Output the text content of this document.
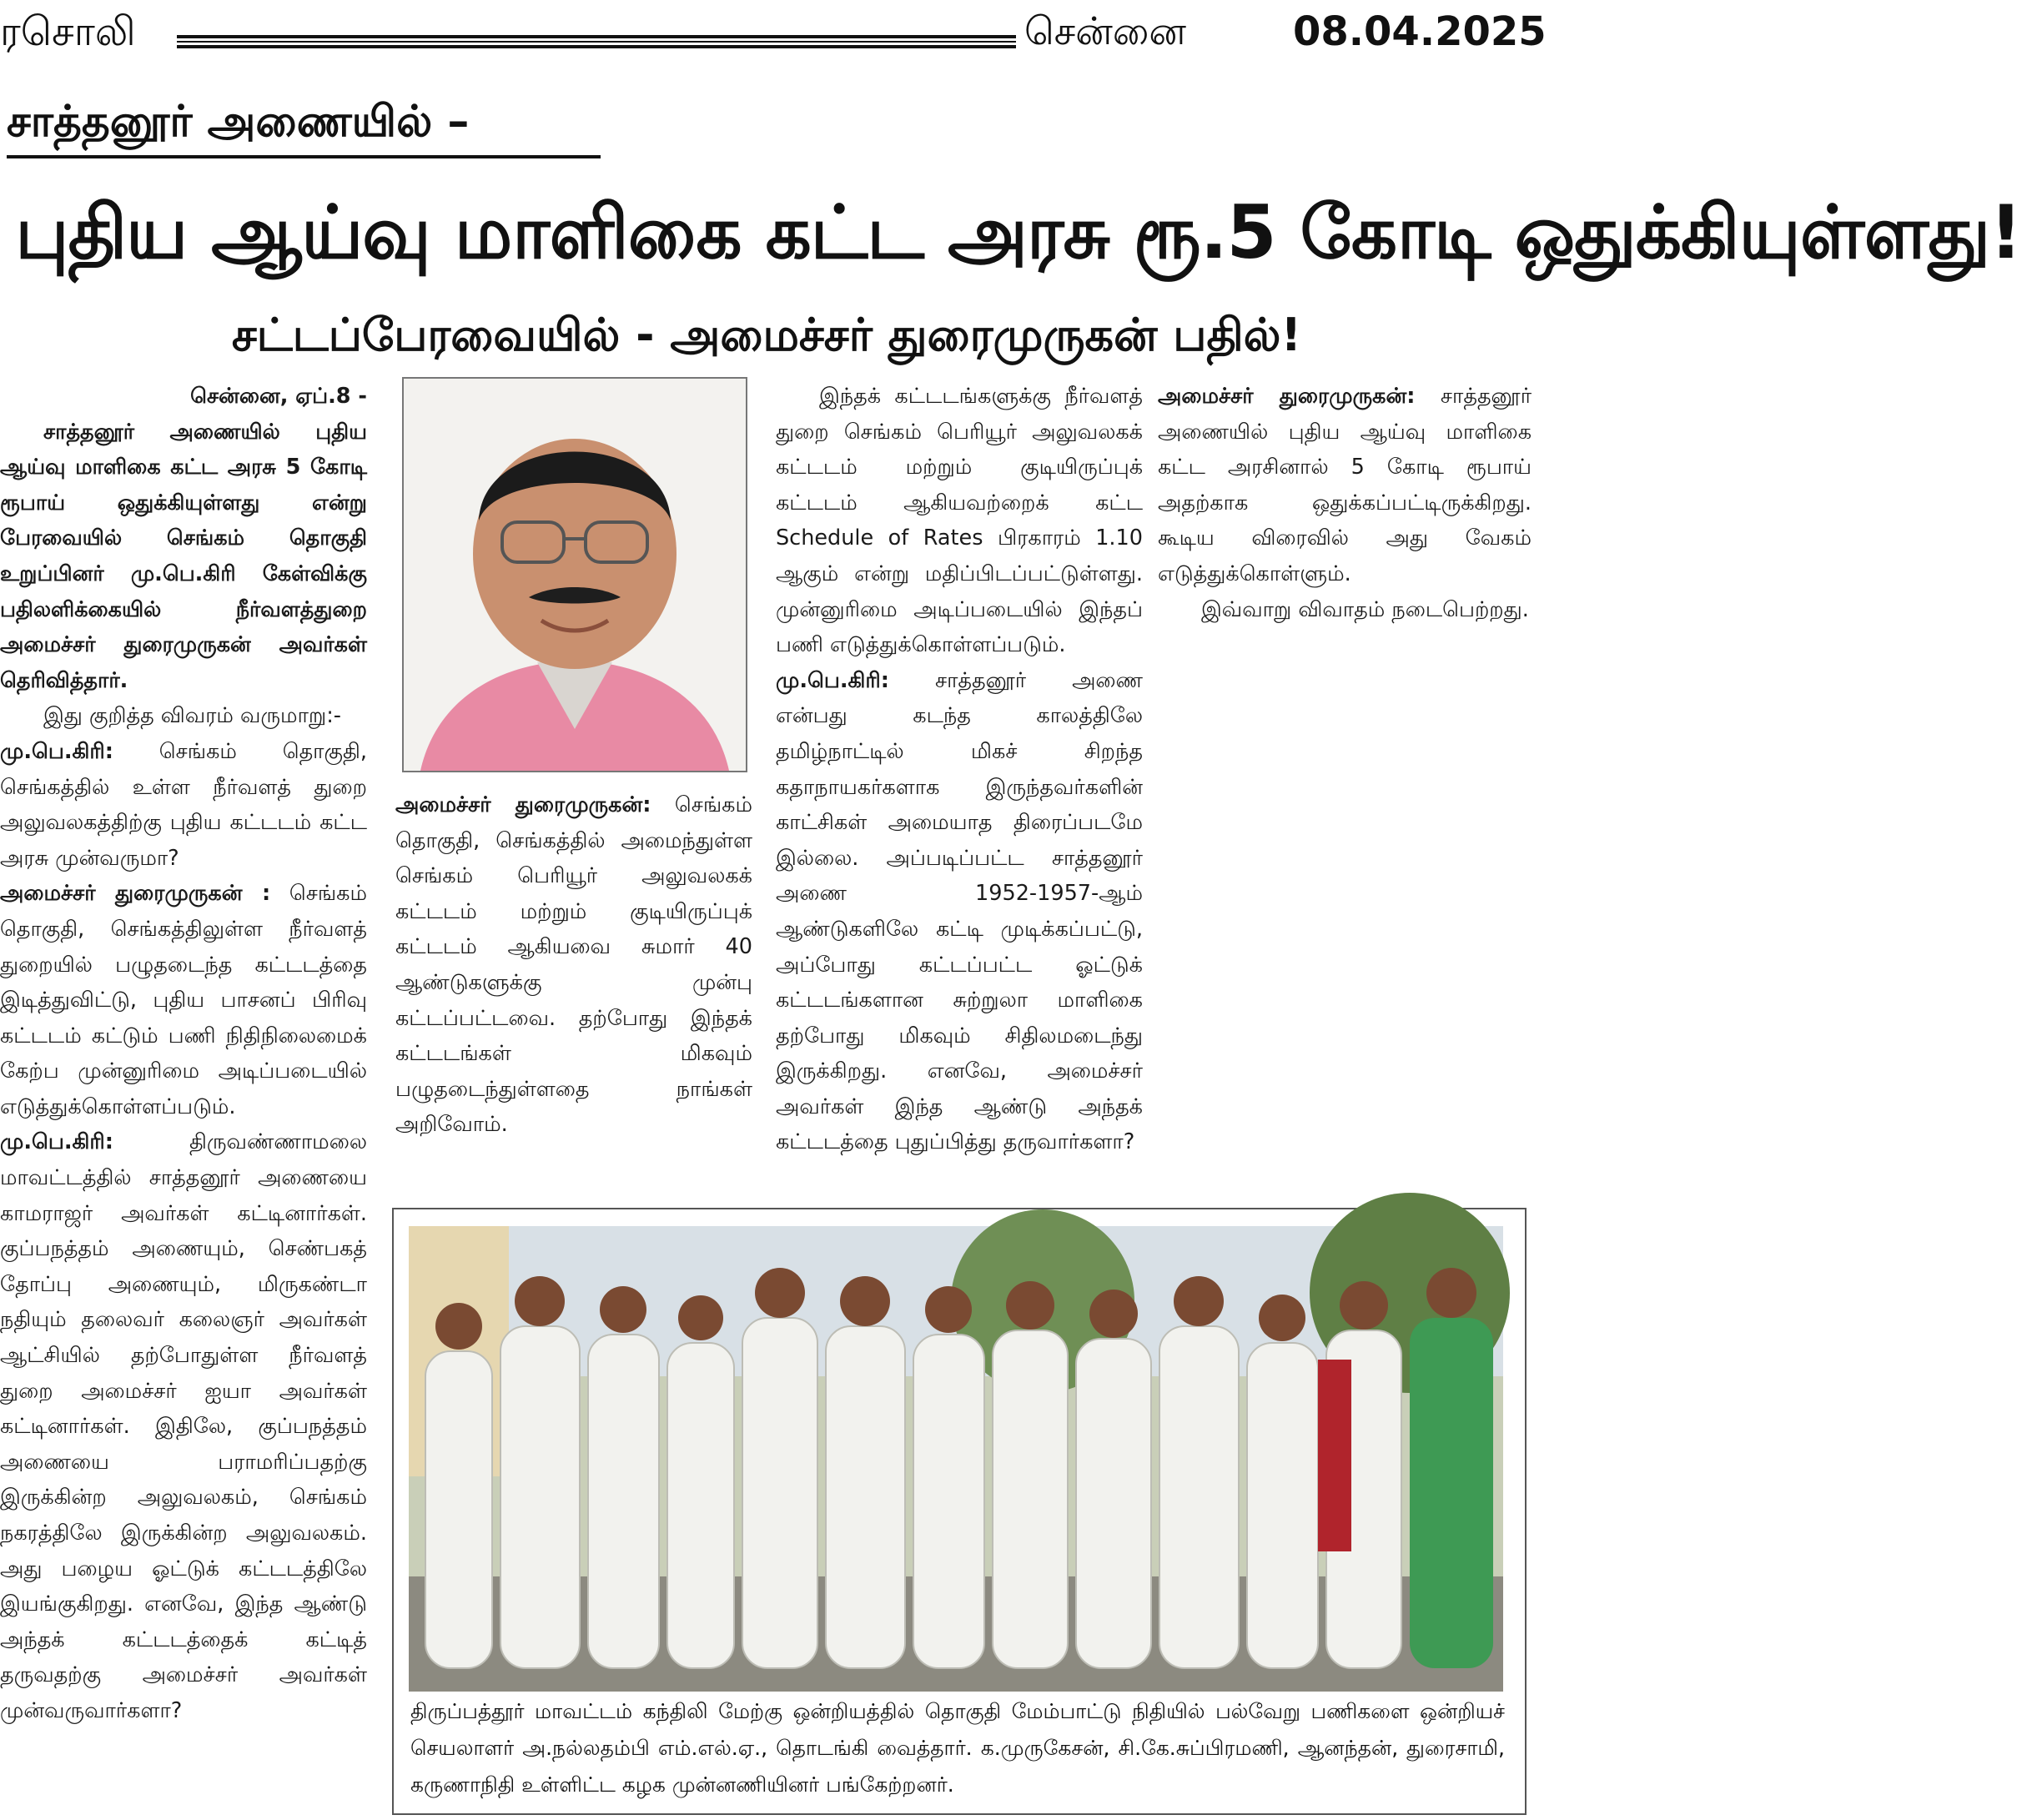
ரசொலி	சென்னை	08.04.2025
சாத்தனூர் அணையில் –
புதிய ஆய்வு மாளிகை கட்ட அரசு ரூ.5 கோடி ஒதுக்கியுள்ளது!
சட்டப்பேரவையில் - அமைச்சர் துரைமுருகன் பதில்!

சென்னை, ஏப்.8 -

சாத்தனூர் அணையில் புதிய ஆய்வு மாளிகை கட்ட அரசு 5 கோடி ரூபாய் ஒதுக்கியுள்ளது என்று பேரவையில் செங்கம் தொகுதி உறுப்பினர் மு.பெ.கிரி கேள்விக்கு பதிலளிக்கையில் நீர்வளத்துறை அமைச்சர் துரைமுருகன் அவர்கள் தெரிவித்தார்.

இது குறித்த விவரம் வருமாறு:-

மு.பெ.கிரி: செங்கம் தொகுதி, செங்கத்தில் உள்ள நீர்வளத் துறை அலுவலகத்திற்கு புதிய கட்டடம் கட்ட அரசு முன்வருமா?

அமைச்சர் துரைமுருகன் : செங்கம் தொகுதி, செங்கத்திலுள்ள நீர்வளத் துறையில் பழுதடைந்த கட்டடத்தை இடித்துவிட்டு, புதிய பாசனப் பிரிவு கட்டடம் கட்டும் பணி நிதிநிலைமைக் கேற்ப முன்னுரிமை அடிப்படையில் எடுத்துக்கொள்ளப்படும்.

மு.பெ.கிரி:	திருவண்ணாமலை மாவட்டத்தில் சாத்தனூர் அணையை காமராஜர் அவர்கள் கட்டினார்கள். குப்பநத்தம் அணையும், செண்பகத் தோப்பு அணையும், மிருகண்டா நதியும் தலைவர் கலைஞர் அவர்கள் ஆட்சியில் தற்போதுள்ள நீர்வளத் துறை அமைச்சர் ஐயா அவர்கள் கட்டினார்கள். இதிலே, குப்பநத்தம் அணையை பராமரிப்பதற்கு இருக்கின்ற அலுவலகம், செங்கம் நகரத்திலே இருக்கின்ற அலுவலகம். அது பழைய ஓட்டுக் கட்டடத்திலே இயங்குகிறது. எனவே, இந்த ஆண்டு அந்தக் கட்டடத்தைக் கட்டித் தருவதற்கு அமைச்சர் அவர்கள் முன்வருவார்களா?

அமைச்சர் துரைமுருகன்: செங்கம் தொகுதி, செங்கத்தில் அமைந்துள்ள செங்கம் பெரியூர் அலுவலகக் கட்டடம் மற்றும் குடியிருப்புக் கட்டடம் ஆகியவை சுமார் 40 ஆண்டுகளுக்கு முன்பு கட்டப்பட்டவை. தற்போது இந்தக் கட்டடங்கள் மிகவும் பழுதடைந்துள்ளதை நாங்கள் அறிவோம்.

இந்தக் கட்டடங்களுக்கு நீர்வளத் துறை செங்கம் பெரியூர் அலுவலகக் கட்டடம் மற்றும் குடியிருப்புக் கட்டடம் ஆகியவற்றைக் கட்ட Schedule of Rates பிரகாரம் 1.10 ஆகும் என்று மதிப்பிடப்பட்டுள்ளது. முன்னுரிமை அடிப்படையில் இந்தப் பணி எடுத்துக்கொள்ளப்படும்.

மு.பெ.கிரி: சாத்தனூர் அணை என்பது கடந்த காலத்திலே தமிழ்நாட்டில் மிகச் சிறந்த கதாநாயகர்களாக இருந்தவர்களின் காட்சிகள் அமையாத திரைப்படமே இல்லை. அப்படிப்பட்ட சாத்தனூர் அணை 1952-1957-ஆம் ஆண்டுகளிலே கட்டி முடிக்கப்பட்டு, அப்போது கட்டப்பட்ட ஓட்டுக் கட்டடங்களான சுற்றுலா மாளிகை தற்போது மிகவும் சிதிலமடைந்து இருக்கிறது. எனவே, அமைச்சர் அவர்கள் இந்த ஆண்டு அந்தக் கட்டடத்தை புதுப்பித்து தருவார்களா?

அமைச்சர் துரைமுருகன்: சாத்தனூர் அணையில் புதிய ஆய்வு மாளிகை கட்ட அரசினால் 5 கோடி ரூபாய் அதற்காக ஒதுக்கப்பட்டிருக்கிறது. கூடிய விரைவில் அது வேகம் எடுத்துக்கொள்ளும்.

இவ்வாறு விவாதம் நடைபெற்றது.

திருப்பத்தூர் மாவட்டம் கந்திலி மேற்கு ஒன்றியத்தில் தொகுதி மேம்பாட்டு நிதியில் பல்வேறு பணிகளை ஒன்றியச் செயலாளர் அ.நல்லதம்பி எம்.எல்.ஏ., தொடங்கி வைத்தார். க.முருகேசன், சி.கே.சுப்பிரமணி, ஆனந்தன், துரைசாமி, கருணாநிதி உள்ளிட்ட கழக முன்னணியினர் பங்கேற்றனர்.
